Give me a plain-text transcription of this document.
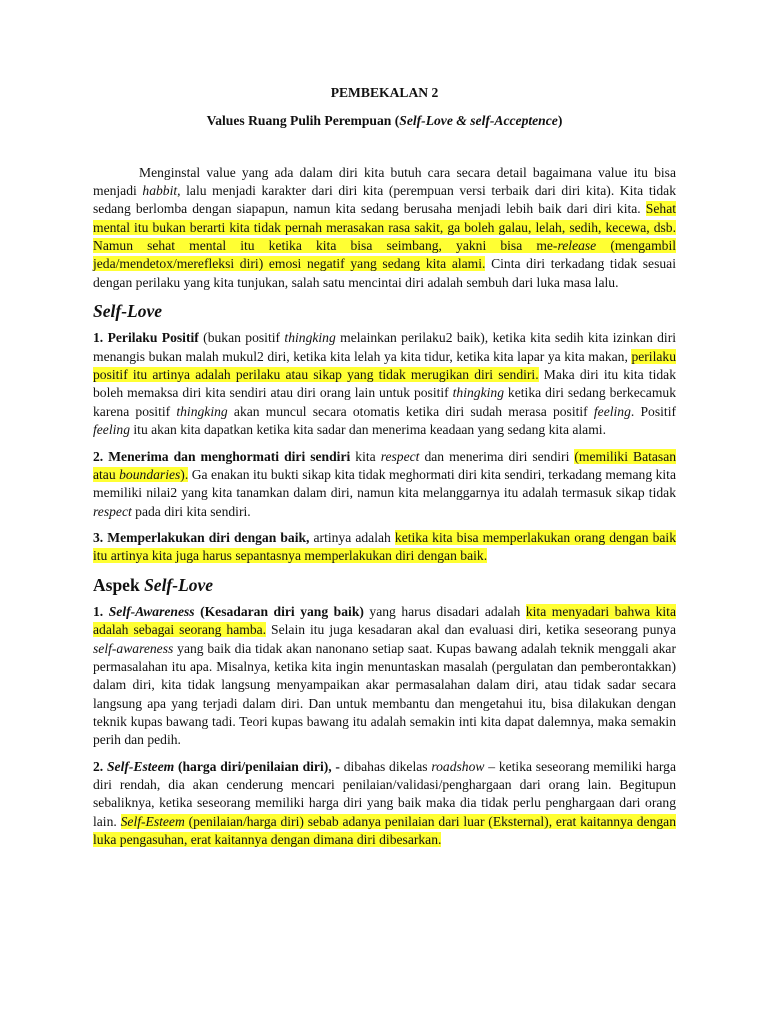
PEMBEKALAN 2

Values Ruang Pulih Perempuan (Self-Love & self-Acceptence)

Menginstal value yang ada dalam diri kita butuh cara secara detail bagaimana value itu bisa menjadi habbit, lalu menjadi karakter dari diri kita (perempuan versi terbaik dari diri kita). Kita tidak sedang berlomba dengan siapapun, namun kita sedang berusaha menjadi lebih baik dari diri kita. Sehat mental itu bukan berarti kita tidak pernah merasakan rasa sakit, ga boleh galau, lelah, sedih, kecewa, dsb. Namun sehat mental itu ketika kita bisa seimbang, yakni bisa me-release (mengambil jeda/mendetox/merefleksi diri) emosi negatif yang sedang kita alami. Cinta diri terkadang tidak sesuai dengan perilaku yang kita tunjukan, salah satu mencintai diri adalah sembuh dari luka masa lalu.

Self-Love

1. Perilaku Positif (bukan positif thingking melainkan perilaku2 baik), ketika kita sedih kita izinkan diri menangis bukan malah mukul2 diri, ketika kita lelah ya kita tidur, ketika kita lapar ya kita makan, perilaku positif itu artinya adalah perilaku atau sikap yang tidak merugikan diri sendiri. Maka diri itu kita tidak boleh memaksa diri kita sendiri atau diri orang lain untuk positif thingking ketika diri sedang berkecamuk karena positif thingking akan muncul secara otomatis ketika diri sudah merasa positif feeling. Positif feeling itu akan kita dapatkan ketika kita sadar dan menerima keadaan yang sedang kita alami.

2. Menerima dan menghormati diri sendiri kita respect dan menerima diri sendiri (memiliki Batasan atau boundaries). Ga enakan itu bukti sikap kita tidak meghormati diri kita sendiri, terkadang memang kita memiliki nilai2 yang kita tanamkan dalam diri, namun kita melanggarnya itu adalah termasuk sikap tidak respect pada diri kita sendiri.

3. Memperlakukan diri dengan baik, artinya adalah ketika kita bisa memperlakukan orang dengan baik itu artinya kita juga harus sepantasnya memperlakukan diri dengan baik.

Aspek Self-Love

1. Self-Awareness (Kesadaran diri yang baik) yang harus disadari adalah kita menyadari bahwa kita adalah sebagai seorang hamba. Selain itu juga kesadaran akal dan evaluasi diri, ketika seseorang punya self-awareness yang baik dia tidak akan nanonano setiap saat. Kupas bawang adalah teknik menggali akar permasalahan itu apa. Misalnya, ketika kita ingin menuntaskan masalah (pergulatan dan pemberontakkan) dalam diri, kita tidak langsung menyampaikan akar permasalahan dalam diri, atau tidak sadar secara langsung apa yang terjadi dalam diri. Dan untuk membantu dan mengetahui itu, bisa dilakukan dengan teknik kupas bawang tadi. Teori kupas bawang itu adalah semakin inti kita dapat dalemnya, maka semakin perih dan pedih.

2. Self-Esteem (harga diri/penilaian diri), - dibahas dikelas roadshow – ketika seseorang memiliki harga diri rendah, dia akan cenderung mencari penilaian/validasi/penghargaan dari orang lain. Begitupun sebaliknya, ketika seseorang memiliki harga diri yang baik maka dia tidak perlu penghargaan dari orang lain. Self-Esteem (penilaian/harga diri) sebab adanya penilaian dari luar (Eksternal), erat kaitannya dengan luka pengasuhan, erat kaitannya dengan dimana diri dibesarkan.
